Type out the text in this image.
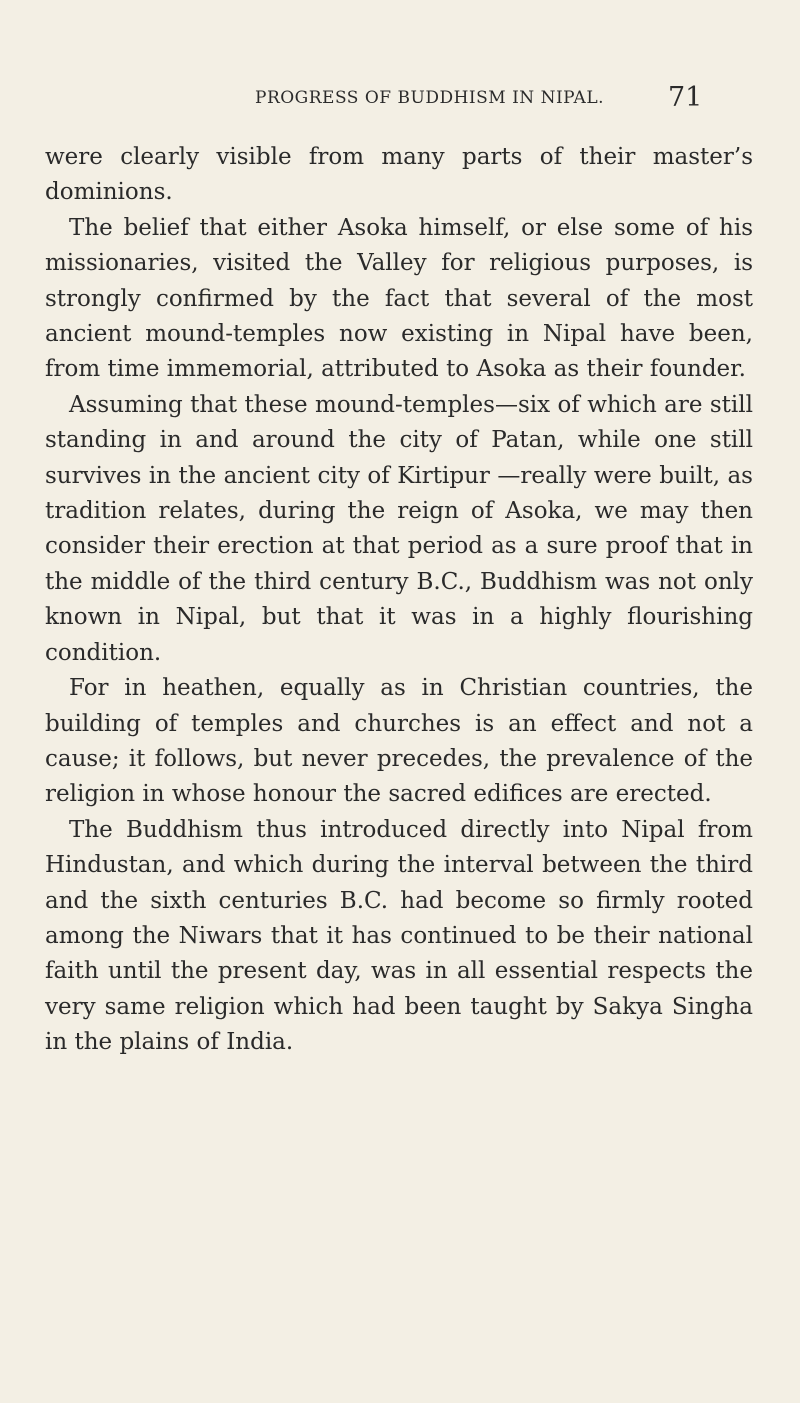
PROGRESS OF BUDDHISM IN NIPAL. 71

were clearly visible from many parts of their master’s dominions.

The belief that either Asoka himself, or else some of his missionaries, visited the Valley for religious purposes, is strongly confirmed by the fact that several of the most ancient mound-temples now existing in Nipal have been, from time immemorial, attributed to Asoka as their founder.

Assuming that these mound-temples—six of which are still standing in and around the city of Patan, while one still survives in the ancient city of Kirtipur —really were built, as tradition relates, during the reign of Asoka, we may then consider their erection at that period as a sure proof that in the middle of the third century B.C., Buddhism was not only known in Nipal, but that it was in a highly flourishing condition.

For in heathen, equally as in Christian countries, the building of temples and churches is an effect and not a cause; it follows, but never precedes, the prevalence of the religion in whose honour the sacred edifices are erected.

The Buddhism thus introduced directly into Nipal from Hindustan, and which during the interval between the third and the sixth centuries B.C. had become so firmly rooted among the Niwars that it has continued to be their national faith until the present day, was in all essential respects the very same religion which had been taught by Sakya Singha in the plains of India.
